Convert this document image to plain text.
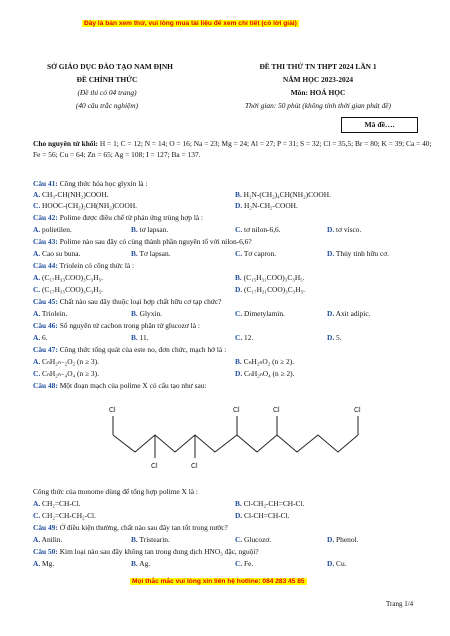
Đây là bản xem thử, vui lòng mua tài liệu để xem chi tiết (có lời giải)
SỞ GIÁO DỤC ĐÀO TẠO NAM ĐỊNH
ĐỀ CHÍNH THỨC
(Đề thi có 04 trang)
(40 câu trắc nghiệm)
ĐỀ THI THỬ TN THPT 2024 LẦN 1
NĂM HỌC 2023-2024
Môn: HOÁ HỌC
Thời gian: 50 phút (không tính thời gian phát đề)
Mã đề….
Cho nguyên tử khối: H = 1; C = 12; N = 14; O = 16; Na = 23; Mg = 24; Al = 27; P = 31; S = 32; Cl = 35,5; Br = 80; K = 39; Ca = 40; Fe = 56; Cu = 64; Zn = 65; Ag = 108; I = 127; Ba = 137.
Câu 41: Công thức hóa học glyxin là :
A. CH₃-CH(NH₂)COOH.	B. H₂N-(CH₂)₄CH(NH₂)COOH.
C. HOOC-(CH₂)₂CH(NH₂)COOH.	D. H₂N-CH₂-COOH.
Câu 42: Polime được điều chế từ phản ứng trùng hợp là :
A. polietilen.	B. tơ lapsan.	C. tơ nilon-6,6.	D. tơ visco.
Câu 43: Polime nào sau đây có cùng thành phần nguyên tố với nilon-6,6?
A. Cao su buna.	B. Tơ lapsan.	C. Tơ capron.	D. Thủy tinh hữu cơ.
Câu 44: Triolein có công thức là :
A. (C₁₇H₃₃COO)₃C₃H₅.	B. (C₁₅H₃₁COO)₃C₃H₅.
C. (C₁₇H₃₅COO)₃C₃H₅.	D. (C₁₇H₃₁COO)₃C₃H₅.
Câu 45: Chất nào sau đây thuộc loại hợp chất hữu cơ tạp chức?
A. Triolein.	B. Glyxin.	C. Dimetylamin.	D. Axit adipic.
Câu 46: Số nguyên tử cacbon trong phân tử glucozơ là :
A. 6.	B. 11.	C. 12.	D. 5.
Câu 47: Công thức tổng quát của este no, đơn chức, mạch hở là :
A. CₙH₂ₙ₋₂O₂ (n ≥ 3).	B. CₙH₂ₙO₂ (n ≥ 2).
C. CₙH₂ₙ₋₄O₄ (n ≥ 3).	D. CₙH₂ₙO₄ (n ≥ 2).
Câu 48: Một đoạn mạch của polime X có cấu tạo như sau:
Cl	Cl	Cl	Cl
Cl	Cl
Công thức của monome dùng để tổng hợp polime X là :
A. CH₂=CH-Cl.	B. Cl-CH₂-CH=CH-Cl.
C. CH₂=CH-CH₂-Cl.	D. Cl-CH=CH-Cl.
Câu 49: Ở điều kiện thường, chất nào sau đây tan tốt trong nước?
A. Anilin.	B. Tristearin.	C. Glucozơ.	D. Phenol.
Câu 50: Kim loại nào sau đây không tan trong dung dịch HNO₃ đặc, nguội?
A. Mg.	B. Ag.	C. Fe.	D. Cu.
Mọi thắc mắc vui lòng xin liên hệ hotline: 084 283 45 85
Trang 1/4
